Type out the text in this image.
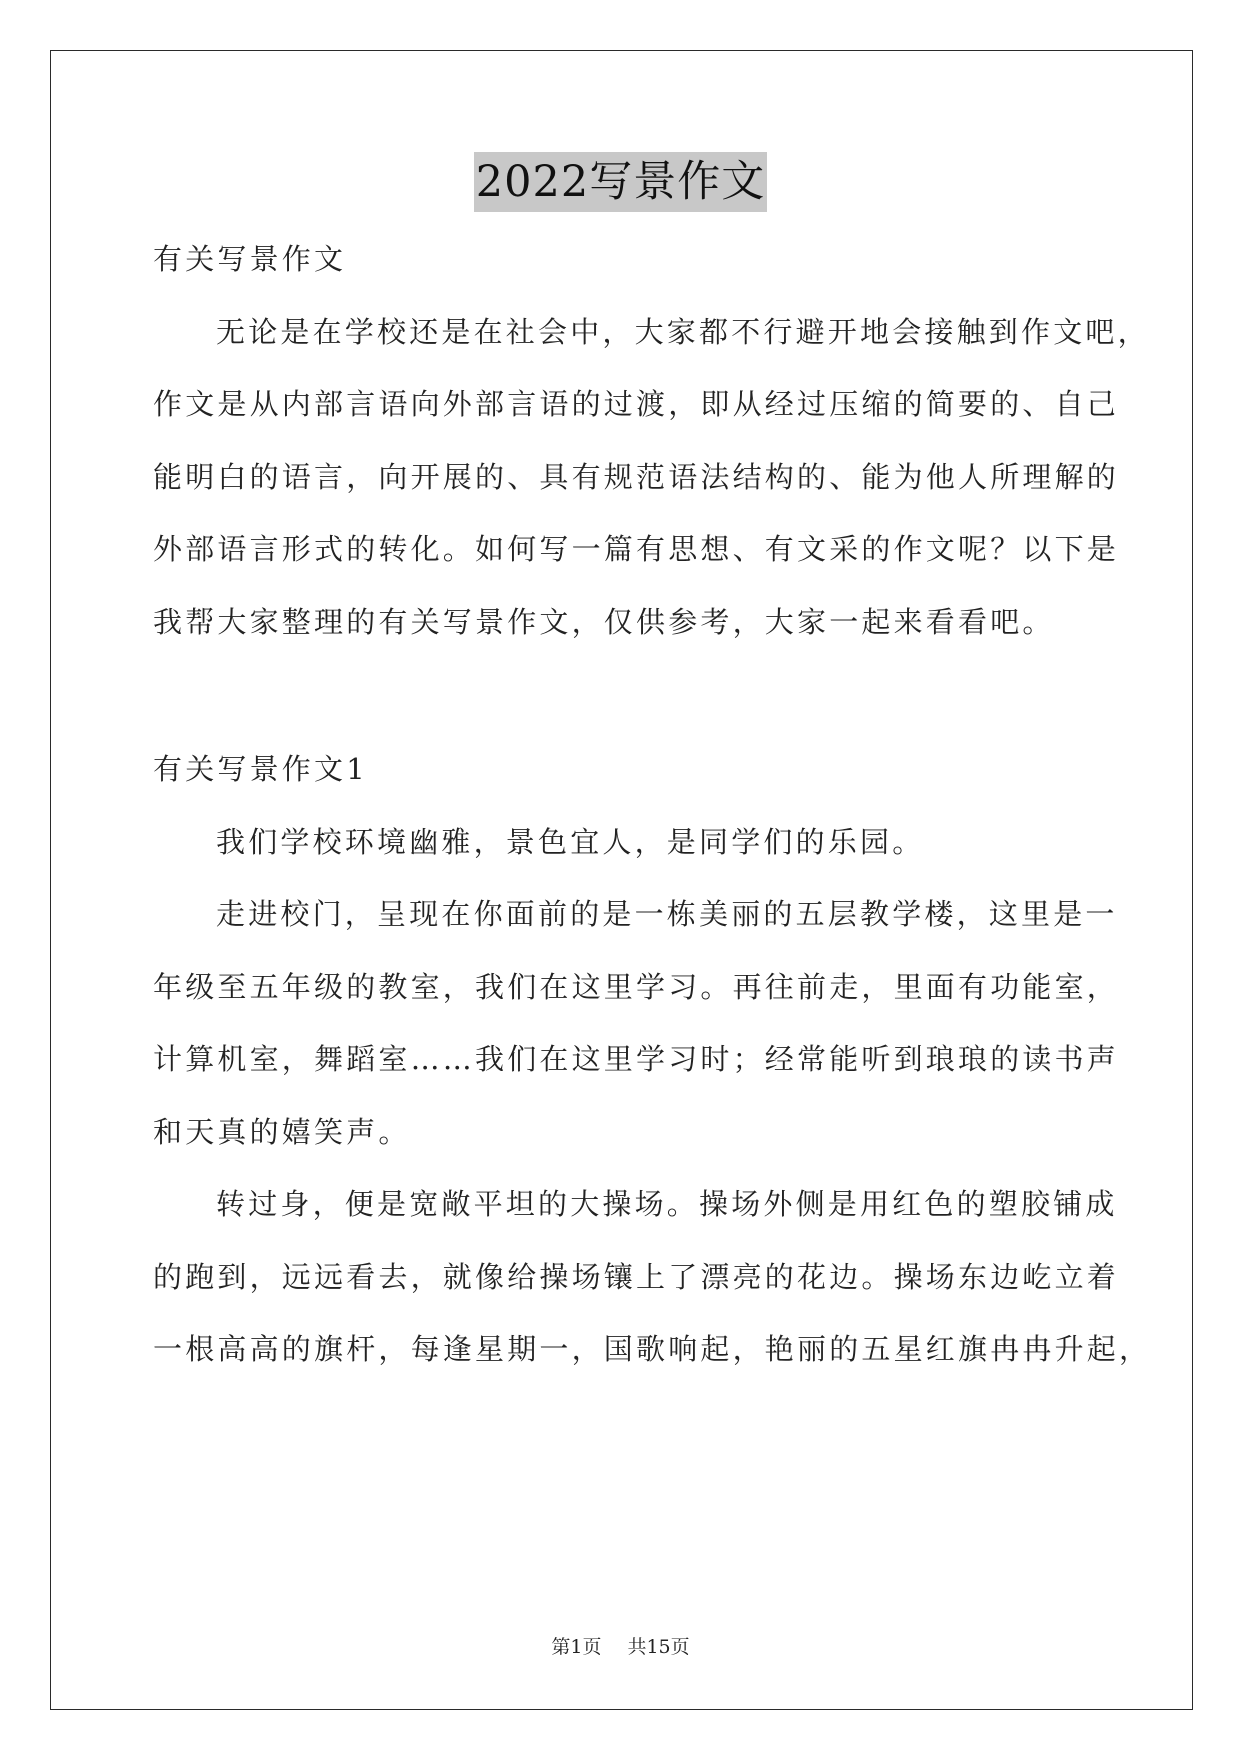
2022写景作文
有关写景作文
无论是在学校还是在社会中，大家都不行避开地会接触到作文吧，
作文是从内部言语向外部言语的过渡，即从经过压缩的简要的、自己
能明白的语言，向开展的、具有规范语法结构的、能为他人所理解的
外部语言形式的转化。如何写一篇有思想、有文采的作文呢？以下是
我帮大家整理的有关写景作文，仅供参考，大家一起来看看吧。
有关写景作文1
我们学校环境幽雅，景色宜人，是同学们的乐园。
走进校门，呈现在你面前的是一栋美丽的五层教学楼，这里是一
年级至五年级的教室，我们在这里学习。再往前走，里面有功能室，
计算机室，舞蹈室……我们在这里学习时；经常能听到琅琅的读书声
和天真的嬉笑声。
转过身，便是宽敞平坦的大操场。操场外侧是用红色的塑胶铺成
的跑到，远远看去，就像给操场镶上了漂亮的花边。操场东边屹立着
一根高高的旗杆，每逢星期一，国歌响起，艳丽的五星红旗冉冉升起，
第1页 共15页
